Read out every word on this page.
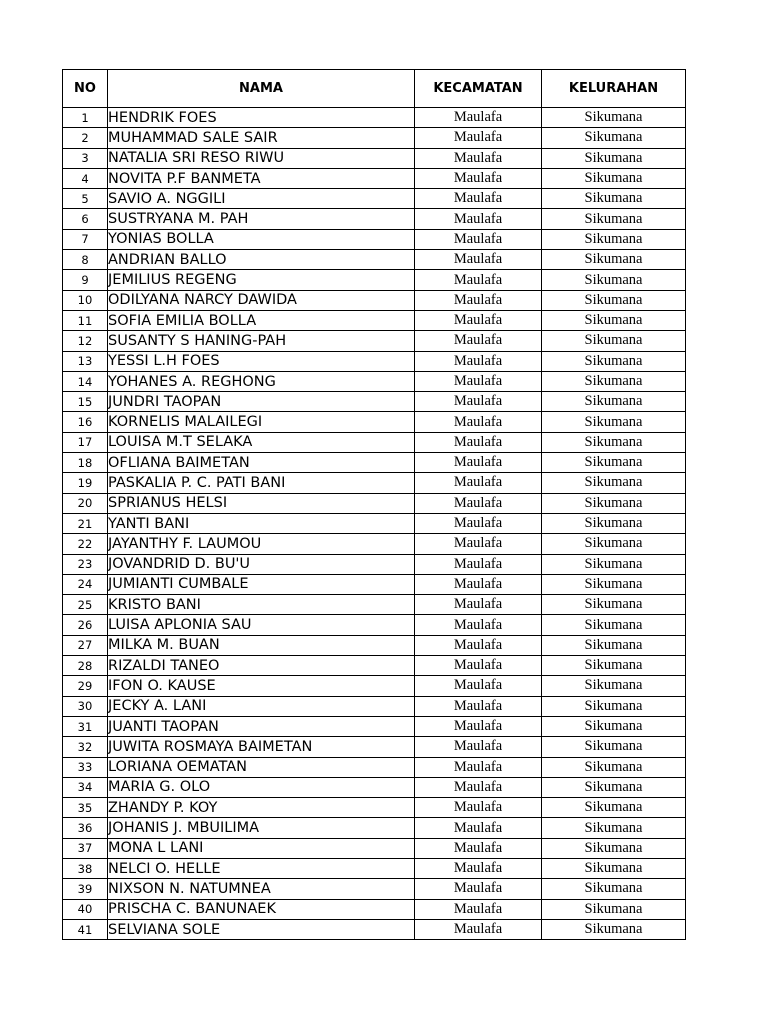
NO	NAMA	KECAMATAN	KELURAHAN
1	HENDRIK FOES	Maulafa	Sikumana
2	MUHAMMAD SALE SAIR	Maulafa	Sikumana
3	NATALIA SRI RESO RIWU	Maulafa	Sikumana
4	NOVITA P.F BANMETA	Maulafa	Sikumana
5	SAVIO A. NGGILI	Maulafa	Sikumana
6	SUSTRYANA M. PAH	Maulafa	Sikumana
7	YONIAS BOLLA	Maulafa	Sikumana
8	ANDRIAN BALLO	Maulafa	Sikumana
9	JEMILIUS REGENG	Maulafa	Sikumana
10	ODILYANA NARCY DAWIDA	Maulafa	Sikumana
11	SOFIA EMILIA BOLLA	Maulafa	Sikumana
12	SUSANTY S HANING-PAH	Maulafa	Sikumana
13	YESSI L.H FOES	Maulafa	Sikumana
14	YOHANES A. REGHONG	Maulafa	Sikumana
15	JUNDRI TAOPAN	Maulafa	Sikumana
16	KORNELIS MALAILEGI	Maulafa	Sikumana
17	LOUISA M.T SELAKA	Maulafa	Sikumana
18	OFLIANA BAIMETAN	Maulafa	Sikumana
19	PASKALIA P. C. PATI BANI	Maulafa	Sikumana
20	SPRIANUS HELSI	Maulafa	Sikumana
21	YANTI BANI	Maulafa	Sikumana
22	JAYANTHY F. LAUMOU	Maulafa	Sikumana
23	JOVANDRID D. BU'U	Maulafa	Sikumana
24	JUMIANTI CUMBALE	Maulafa	Sikumana
25	KRISTO BANI	Maulafa	Sikumana
26	LUISA APLONIA SAU	Maulafa	Sikumana
27	MILKA M. BUAN	Maulafa	Sikumana
28	RIZALDI TANEO	Maulafa	Sikumana
29	IFON O. KAUSE	Maulafa	Sikumana
30	JECKY A. LANI	Maulafa	Sikumana
31	JUANTI TAOPAN	Maulafa	Sikumana
32	JUWITA ROSMAYA BAIMETAN	Maulafa	Sikumana
33	LORIANA OEMATAN	Maulafa	Sikumana
34	MARIA G. OLO	Maulafa	Sikumana
35	ZHANDY P. KOY	Maulafa	Sikumana
36	JOHANIS J. MBUILIMA	Maulafa	Sikumana
37	MONA L LANI	Maulafa	Sikumana
38	NELCI O. HELLE	Maulafa	Sikumana
39	NIXSON N. NATUMNEA	Maulafa	Sikumana
40	PRISCHA C. BANUNAEK	Maulafa	Sikumana
41	SELVIANA SOLE	Maulafa	Sikumana
